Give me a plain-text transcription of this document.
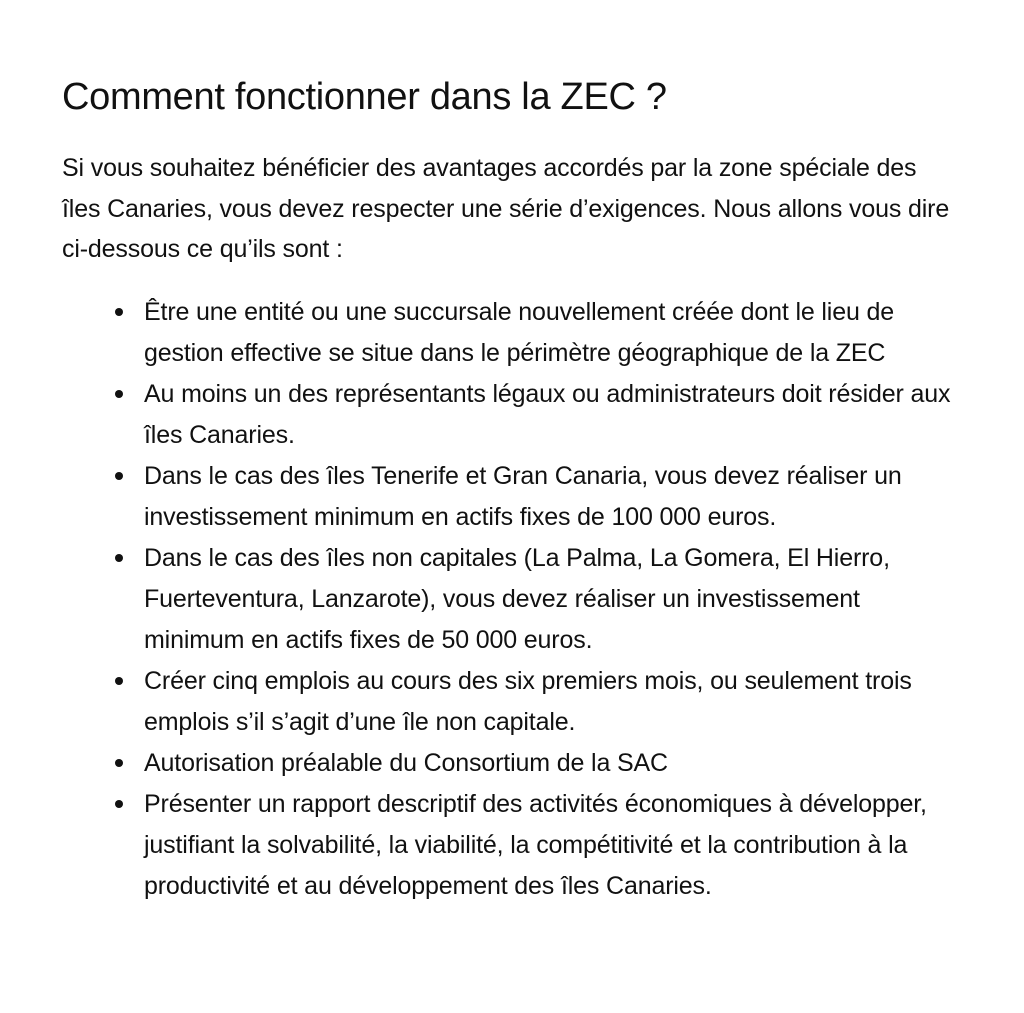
Comment fonctionner dans la ZEC ?

Si vous souhaitez bénéficier des avantages accordés par la zone spéciale des îles Canaries, vous devez respecter une série d’exigences. Nous allons vous dire ci-dessous ce qu’ils sont :

Être une entité ou une succursale nouvellement créée dont le lieu de gestion effective se situe dans le périmètre géographique de la ZEC
Au moins un des représentants légaux ou administrateurs doit résider aux îles Canaries.
Dans le cas des îles Tenerife et Gran Canaria, vous devez réaliser un investissement minimum en actifs fixes de 100 000 euros.
Dans le cas des îles non capitales (La Palma, La Gomera, El Hierro, Fuerteventura, Lanzarote), vous devez réaliser un investissement minimum en actifs fixes de 50 000 euros.
Créer cinq emplois au cours des six premiers mois, ou seulement trois emplois s’il s’agit d’une île non capitale.
Autorisation préalable du Consortium de la SAC
Présenter un rapport descriptif des activités économiques à développer, justifiant la solvabilité, la viabilité, la compétitivité et la contribution à la productivité et au développement des îles Canaries.
